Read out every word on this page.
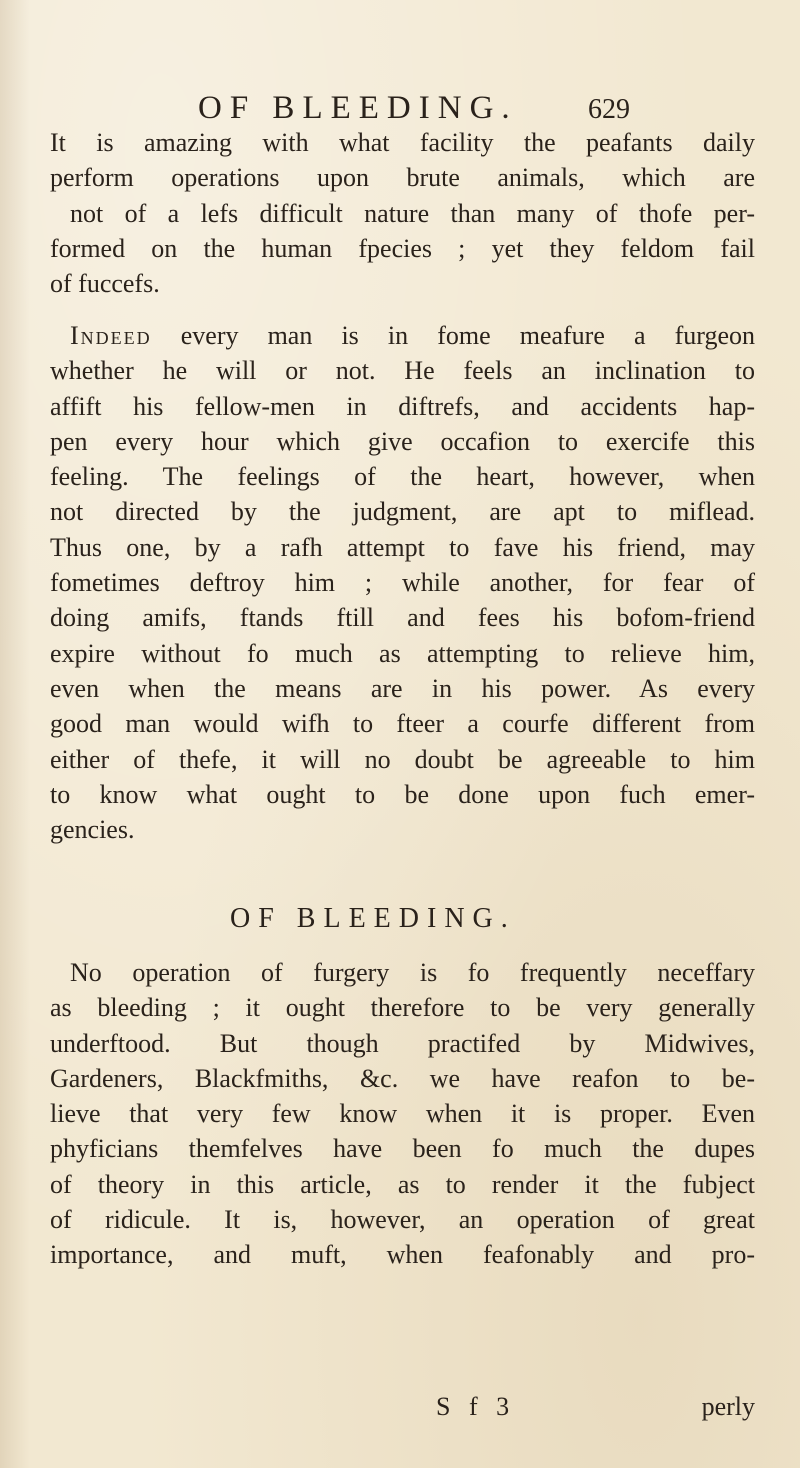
OF BLEEDING.	629
It is amazing with what facility the peafants daily
perform operations upon brute animals, which are
not of a lefs difficult nature than many of thofe per-
formed on the human fpecies ; yet they feldom fail
of fuccefs.
Indeed every man is in fome meafure a furgeon
whether he will or not. He feels an inclination to
affift his fellow-men in diftrefs, and accidents hap-
pen every hour which give occafion to exercife this
feeling. The feelings of the heart, however, when
not directed by the judgment, are apt to miflead.
Thus one, by a rafh attempt to fave his friend, may
fometimes deftroy him ; while another, for fear of
doing amifs, ftands ftill and fees his bofom-friend
expire without fo much as attempting to relieve him,
even when the means are in his power. As every
good man would wifh to fteer a courfe different from
either of thefe, it will no doubt be agreeable to him
to know what ought to be done upon fuch emer-
gencies.
OF BLEEDING.
No operation of furgery is fo frequently neceffary
as bleeding ; it ought therefore to be very generally
underftood. But though practifed by Midwives,
Gardeners, Blackfmiths, &c. we have reafon to be-
lieve that very few know when it is proper. Even
phyficians themfelves have been fo much the dupes
of theory in this article, as to render it the fubject
of ridicule. It is, however, an operation of great
importance, and muft, when feafonably and pro-
S f 3	perly
